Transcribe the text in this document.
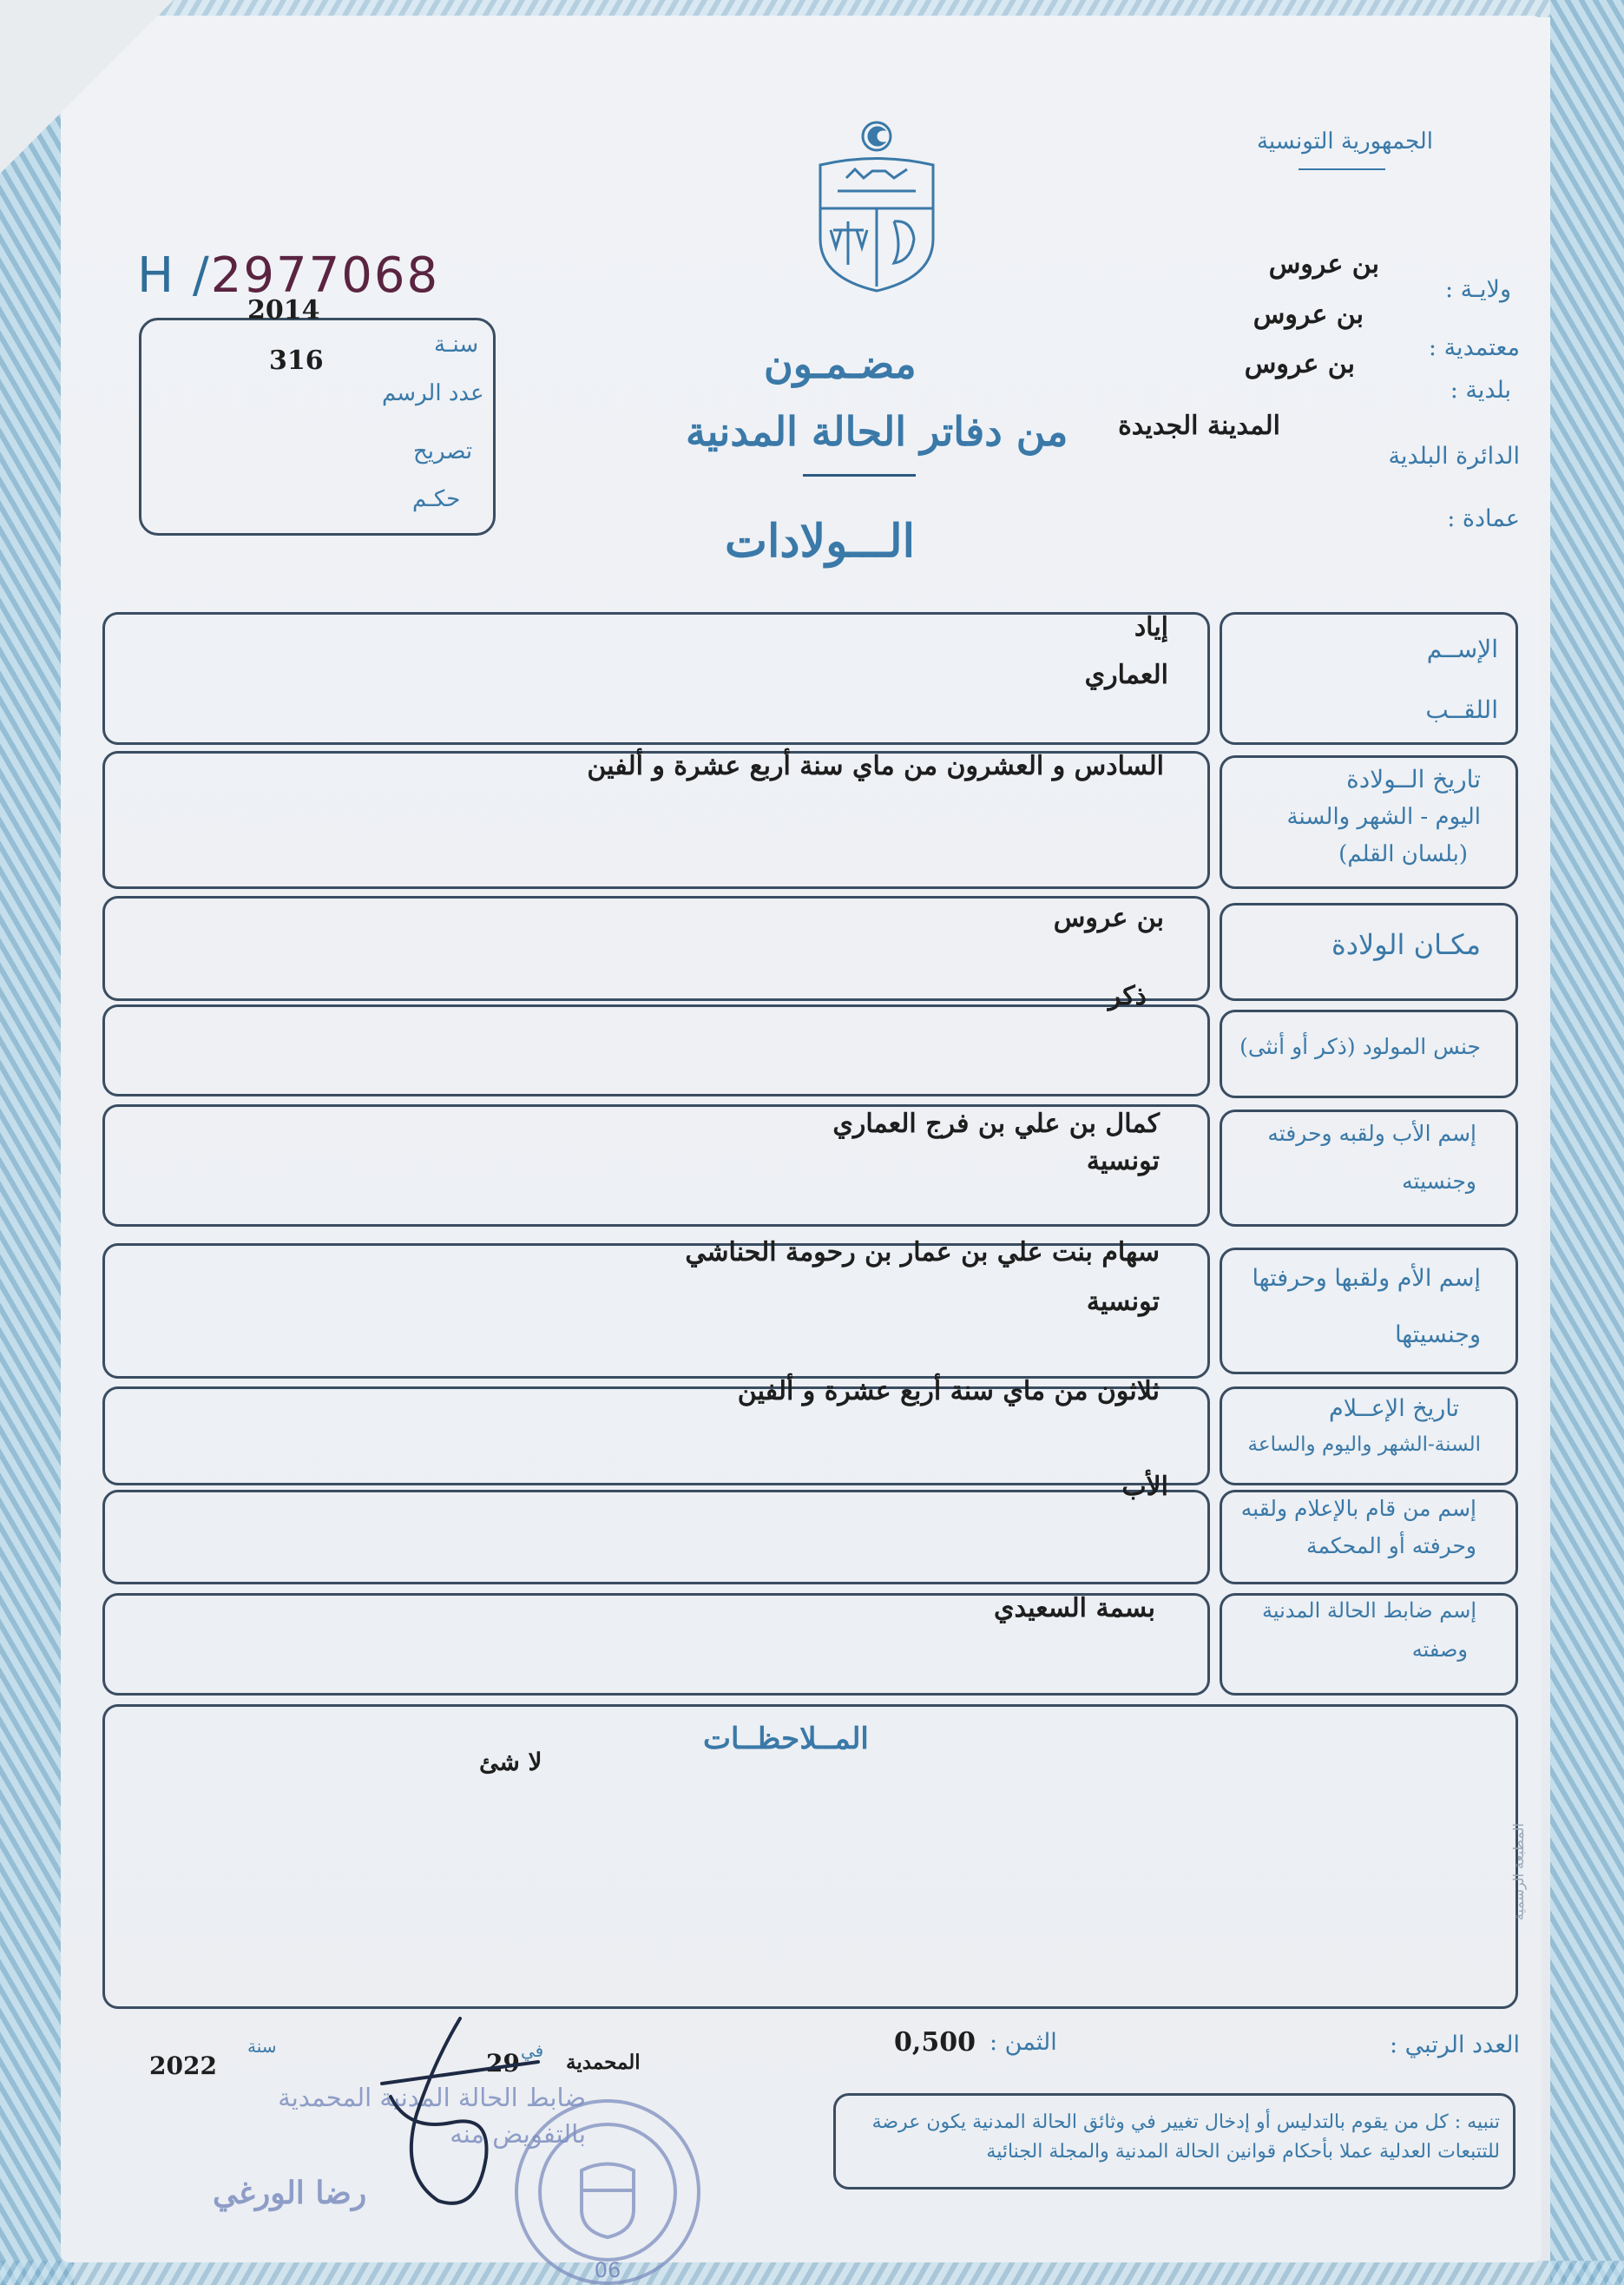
الجمهورية التونسية
ولايـة :
بن عروس
معتمدية :
بن عروس
بلدية :
بن عروس
الدائرة البلدية
المدينة الجديدة
عمادة :
H /2977068
2014
سنـة
316
عدد الرسم
تصريح
حكـم
مضـمـون
من دفاتر الحالة المدنية
الـــولادات
الإســم
اللقــب
إياد
العماري
تاريخ الــولادة
اليوم - الشهر والسنة
(بلسان القلم)
السادس و العشرون من ماي سنة أربع عشرة و ألفين
مكـان الولادة
بن عروس
جنس المولود (ذكر أو أنثى)
ذكر
إسم الأب ولقبه وحرفته
وجنسيته
كمال بن علي بن فرج العماري
تونسية
إسم الأم ولقبها وحرفتها
وجنسيتها
سهام بنت علي بن عمار بن رحومة الحناشي
تونسية
تاريخ الإعــلام
السنة-الشهر واليوم والساعة
ثلاثون من ماي سنة أربع عشرة و ألفين
إسم من قام بالإعلام ولقبه
وحرفته أو المحكمة
الأب
إسم ضابط الحالة المدنية
وصفته
بسمة السعيدي
المــلاحظــات
لا شئ
المطبعة الرسمية
العدد الرتبي :
الثمن :
0,500
المحمدية
في
29
سنة
2022
تنبيه : كل من يقوم بالتدليس أو إدخال تغيير في وثائق الحالة المدنية يكون عرضة للتتبعات العدلية عملا بأحكام قوانين الحالة المدنية والمجلة الجنائية
ضابط الحالة المدنية المحمدية
بالتفويض منه
رضا الورغي
06
